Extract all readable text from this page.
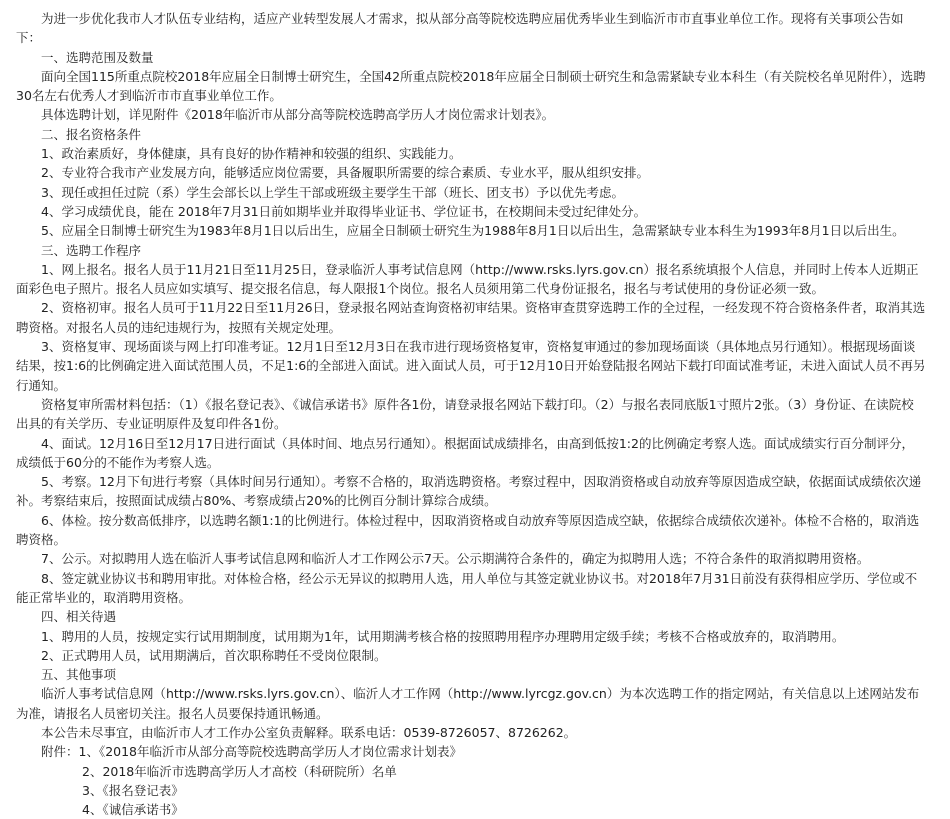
为进一步优化我市人才队伍专业结构，适应产业转型发展人才需求，拟从部分高等院校选聘应届优秀毕业生到临沂市市直事业单位工作。现将有关事项公告如下：

一、选聘范围及数量

面向全国115所重点院校2018年应届全日制博士研究生，全国42所重点院校2018年应届全日制硕士研究生和急需紧缺专业本科生（有关院校名单见附件），选聘30名左右优秀人才到临沂市市直事业单位工作。

具体选聘计划，详见附件《2018年临沂市从部分高等院校选聘高学历人才岗位需求计划表》。

二、报名资格条件

1、政治素质好，身体健康，具有良好的协作精神和较强的组织、实践能力。

2、专业符合我市产业发展方向，能够适应岗位需要，具备履职所需要的综合素质、专业水平，服从组织安排。

3、现任或担任过院（系）学生会部长以上学生干部或班级主要学生干部（班长、团支书）予以优先考虑。

4、学习成绩优良，能在 2018年7月31日前如期毕业并取得毕业证书、学位证书，在校期间未受过纪律处分。

5、应届全日制博士研究生为1983年8月1日以后出生，应届全日制硕士研究生为1988年8月1日以后出生，急需紧缺专业本科生为1993年8月1日以后出生。

三、选聘工作程序

1、网上报名。报名人员于11月21日至11月25日，登录临沂人事考试信息网（http://www.rsks.lyrs.gov.cn）报名系统填报个人信息，并同时上传本人近期正面彩色电子照片。报名人员应如实填写、提交报名信息，每人限报1个岗位。报名人员须用第二代身份证报名，报名与考试使用的身份证必须一致。

2、资格初审。报名人员可于11月22日至11月26日，登录报名网站查询资格初审结果。资格审查贯穿选聘工作的全过程，一经发现不符合资格条件者，取消其选聘资格。对报名人员的违纪违规行为，按照有关规定处理。

3、资格复审、现场面谈与网上打印准考证。12月1日至12月3日在我市进行现场资格复审，资格复审通过的参加现场面谈（具体地点另行通知）。根据现场面谈结果，按1:6的比例确定进入面试范围人员，不足1:6的全部进入面试。进入面试人员，可于12月10日开始登陆报名网站下载打印面试准考证，未进入面试人员不再另行通知。

资格复审所需材料包括：（1）《报名登记表》、《诚信承诺书》原件各1份，请登录报名网站下载打印。（2）与报名表同底版1寸照片2张。（3）身份证、在读院校出具的有关学历、专业证明原件及复印件各1份。

4、面试。12月16日至12月17日进行面试（具体时间、地点另行通知）。根据面试成绩排名，由高到低按1:2的比例确定考察人选。面试成绩实行百分制评分，成绩低于60分的不能作为考察人选。

5、考察。12月下旬进行考察（具体时间另行通知）。考察不合格的，取消选聘资格。考察过程中，因取消资格或自动放弃等原因造成空缺，依据面试成绩依次递补。考察结束后，按照面试成绩占80%、考察成绩占20%的比例百分制计算综合成绩。

6、体检。按分数高低排序，以选聘名额1:1的比例进行。体检过程中，因取消资格或自动放弃等原因造成空缺，依据综合成绩依次递补。体检不合格的，取消选聘资格。

7、公示。对拟聘用人选在临沂人事考试信息网和临沂人才工作网公示7天。公示期满符合条件的，确定为拟聘用人选；不符合条件的取消拟聘用资格。

8、签定就业协议书和聘用审批。对体检合格，经公示无异议的拟聘用人选，用人单位与其签定就业协议书。对2018年7月31日前没有获得相应学历、学位或不能正常毕业的，取消聘用资格。

四、相关待遇

1、聘用的人员，按规定实行试用期制度，试用期为1年，试用期满考核合格的按照聘用程序办理聘用定级手续；考核不合格或放弃的，取消聘用。

2、正式聘用人员，试用期满后，首次职称聘任不受岗位限制。

五、其他事项

临沂人事考试信息网（http://www.rsks.lyrs.gov.cn）、临沂人才工作网（http://www.lyrcgz.gov.cn）为本次选聘工作的指定网站，有关信息以上述网站发布为准，请报名人员密切关注。报名人员要保持通讯畅通。

本公告未尽事宜，由临沂市人才工作办公室负责解释。联系电话：0539-8726057、8726262。

附件：1、《2018年临沂市从部分高等院校选聘高学历人才岗位需求计划表》

2、2018年临沂市选聘高学历人才高校（科研院所）名单

3、《报名登记表》

4、《诚信承诺书》
